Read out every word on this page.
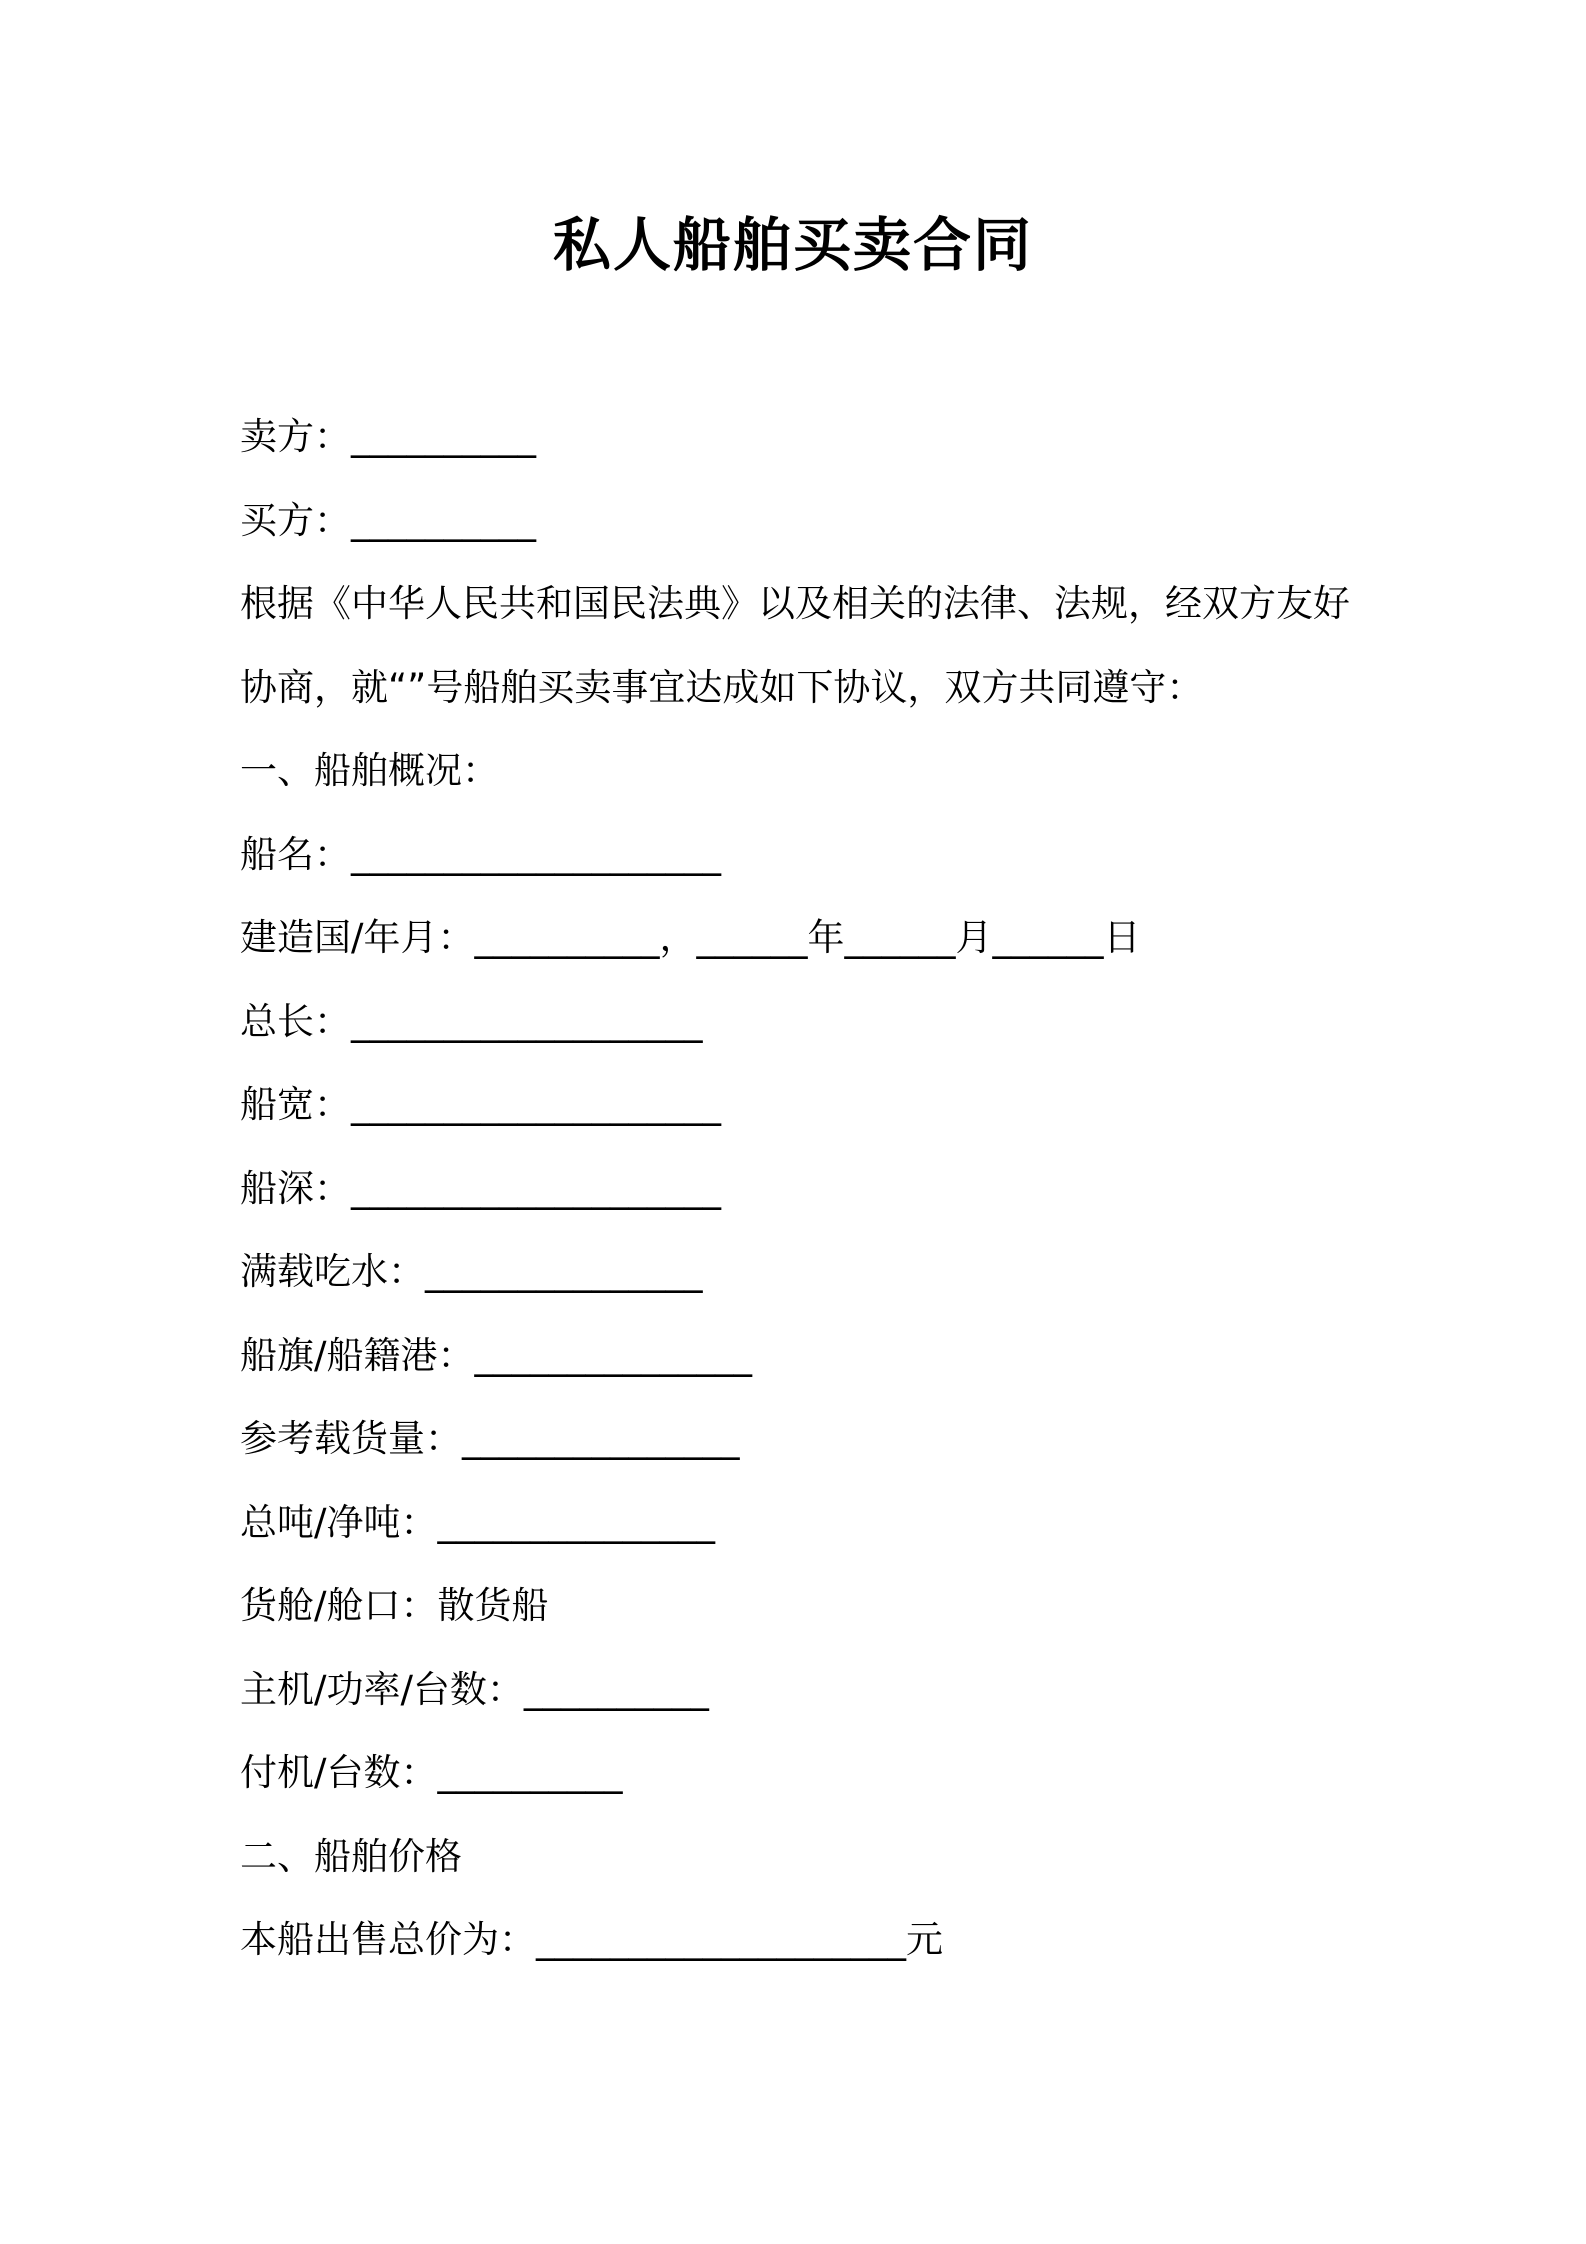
私人船舶买卖合同
卖方：__________
买方：__________
根据《中华人民共和国民法典》以及相关的法律、法规，经双方友好
协商，就“”号船舶买卖事宜达成如下协议，双方共同遵守：
一、船舶概况：
船名：____________________
建造国/年月：__________，______年______月______日
总长：___________________
船宽：____________________
船深：____________________
满载吃水：_______________
船旗/船籍港：_______________
参考载货量：_______________
总吨/净吨：_______________
货舱/舱口：散货船
主机/功率/台数：__________
付机/台数：__________
二、船舶价格
本船出售总价为：____________________元
